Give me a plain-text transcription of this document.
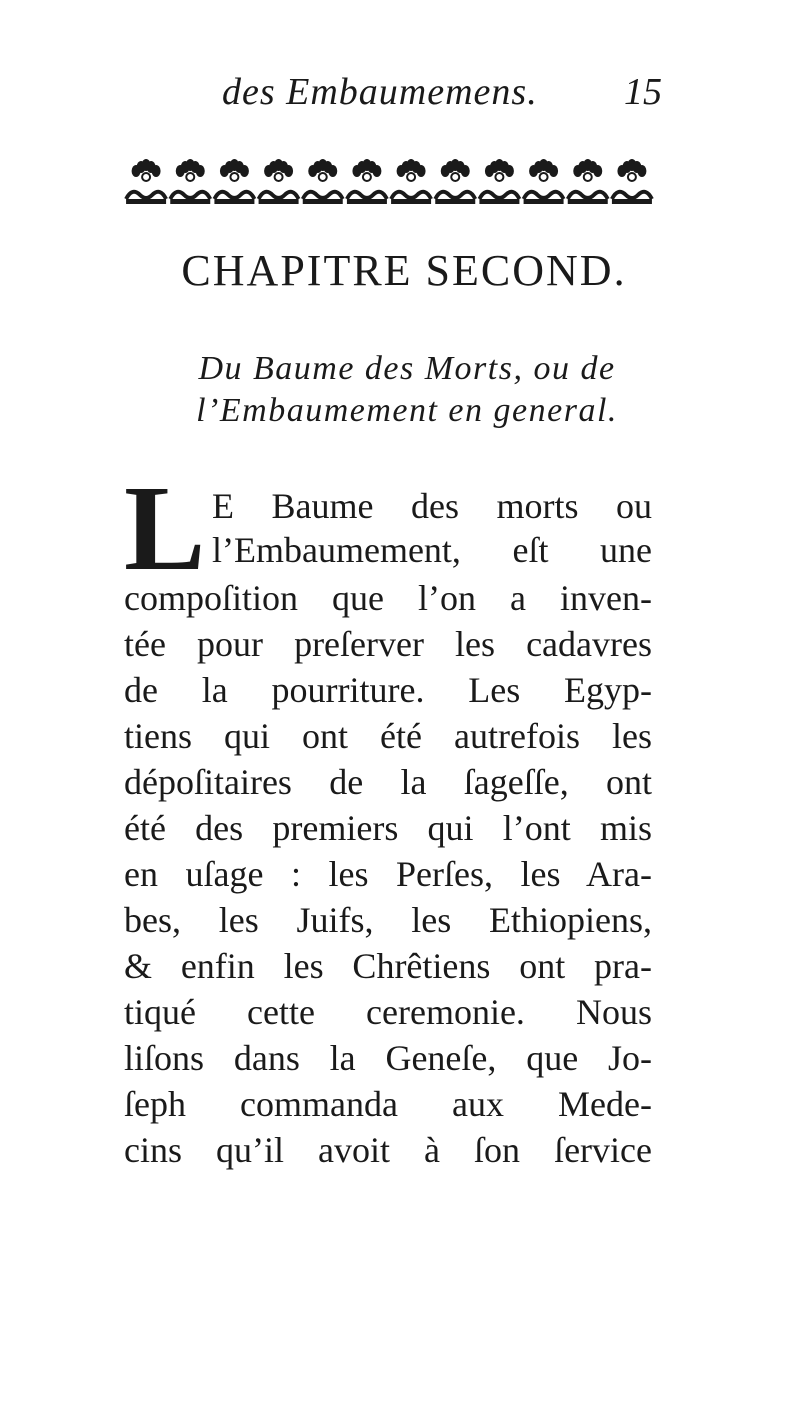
des Embaumemens. 15
CHAPITRE SECOND.
Du Baume des Morts, ou de
l’Embaumement en general.
L E Baume des morts ou
l’Embaumement, eſt une
compoſition que l’on a inven-
tée pour preſerver les cadavres
de la pourriture. Les Egyp-
tiens qui ont été autrefois les
dépoſitaires de la ſageſſe, ont
été des premiers qui l’ont mis
en uſage : les Perſes, les Ara-
bes, les Juifs, les Ethiopiens,
& enfin les Chrêtiens ont pra-
tiqué cette ceremonie. Nous
liſons dans la Geneſe, que Jo-
ſeph commanda aux Mede-
cins qu’il avoit à ſon ſervice
